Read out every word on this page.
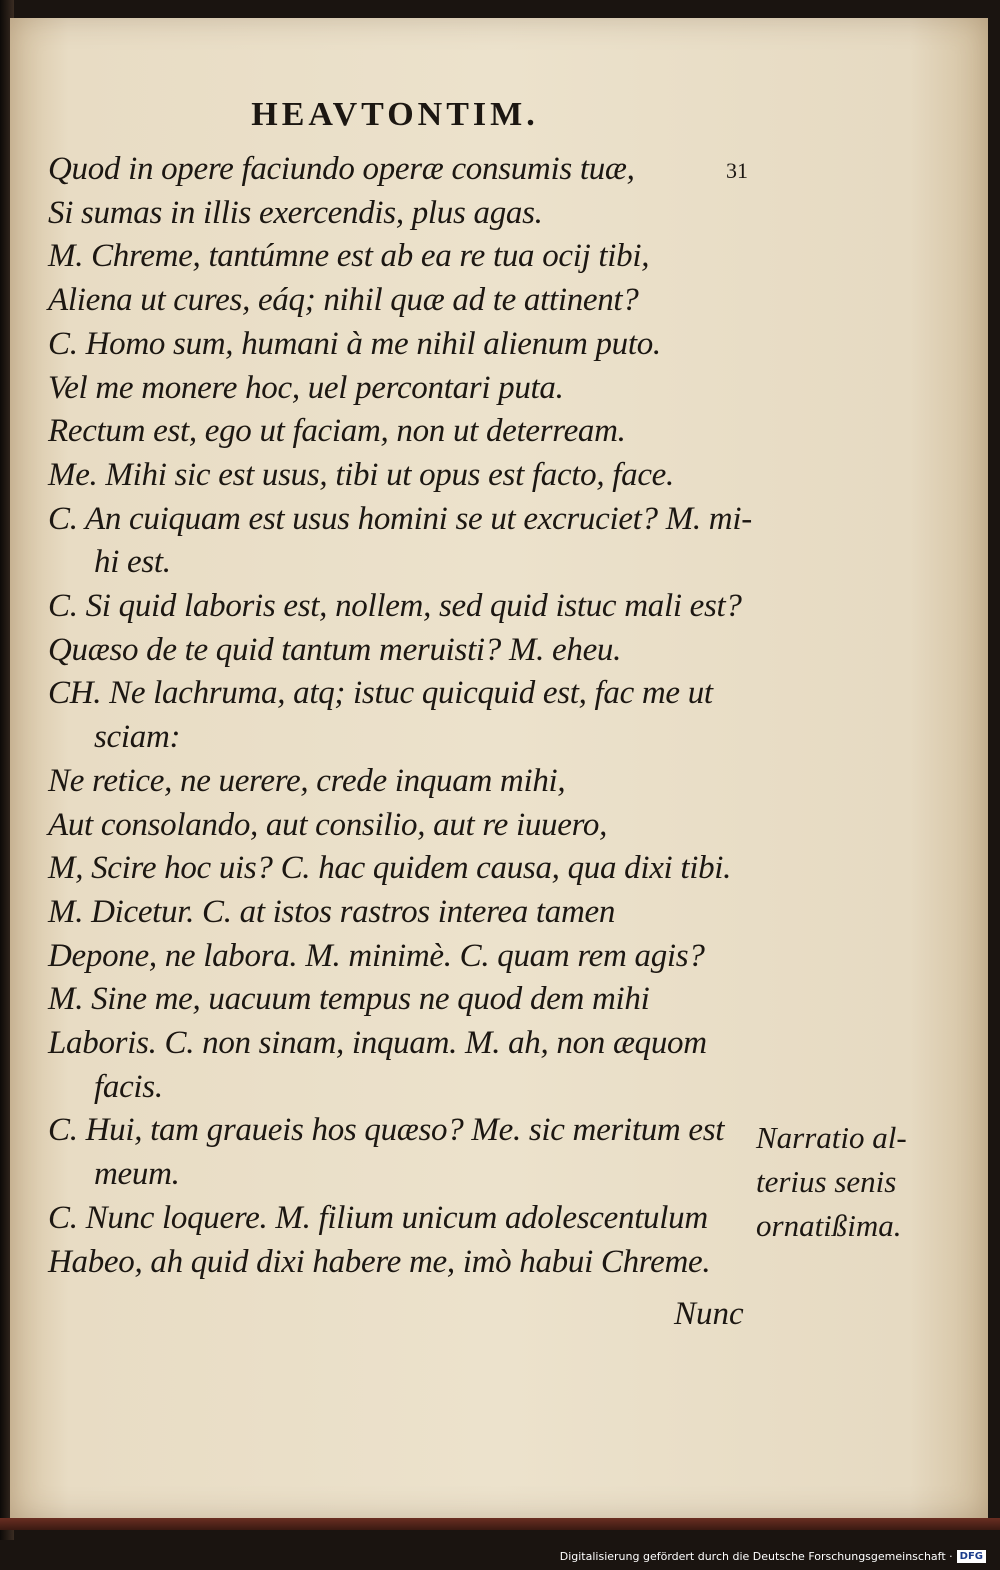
HEAVTONTIM.
31
Quod in opere faciundo operæ consumis tuæ,
Si sumas in illis exercendis, plus agas.
M. Chreme, tantúmne est ab ea re tua ocij tibi,
Aliena ut cures, eáq; nihil quæ ad te attinent?
C. Homo sum, humani à me nihil alienum puto.
Vel me monere hoc, uel percontari puta.
Rectum est, ego ut faciam, non ut deterream.
Me. Mihi sic est usus, tibi ut opus est facto, face.
C. An cuiquam est usus homini se ut excruciet? M. mi-
hi est.
C. Si quid laboris est, nollem, sed quid istuc mali est?
Quæso de te quid tantum meruisti? M. eheu.
CH. Ne lachruma, atq; istuc quicquid est, fac me ut
sciam:
Ne retice, ne uerere, crede inquam mihi,
Aut consolando, aut consilio, aut re iuuero,
M, Scire hoc uis? C. hac quidem causa, qua dixi tibi.
M. Dicetur. C. at istos rastros interea tamen
Depone, ne labora. M. minimè. C. quam rem agis?
M. Sine me, uacuum tempus ne quod dem mihi
Laboris. C. non sinam, inquam. M. ah, non æquom
facis.
C. Hui, tam graueis hos quæso? Me. sic meritum est
meum.
C. Nunc loquere. M. filium unicum adolescentulum
Habeo, ah quid dixi habere me, imò habui Chreme.
Nunc

Narratio al-
terius senis
ornatißima.

Digitalisierung gefördert durch die Deutsche Forschungsgemeinschaft · DFG
